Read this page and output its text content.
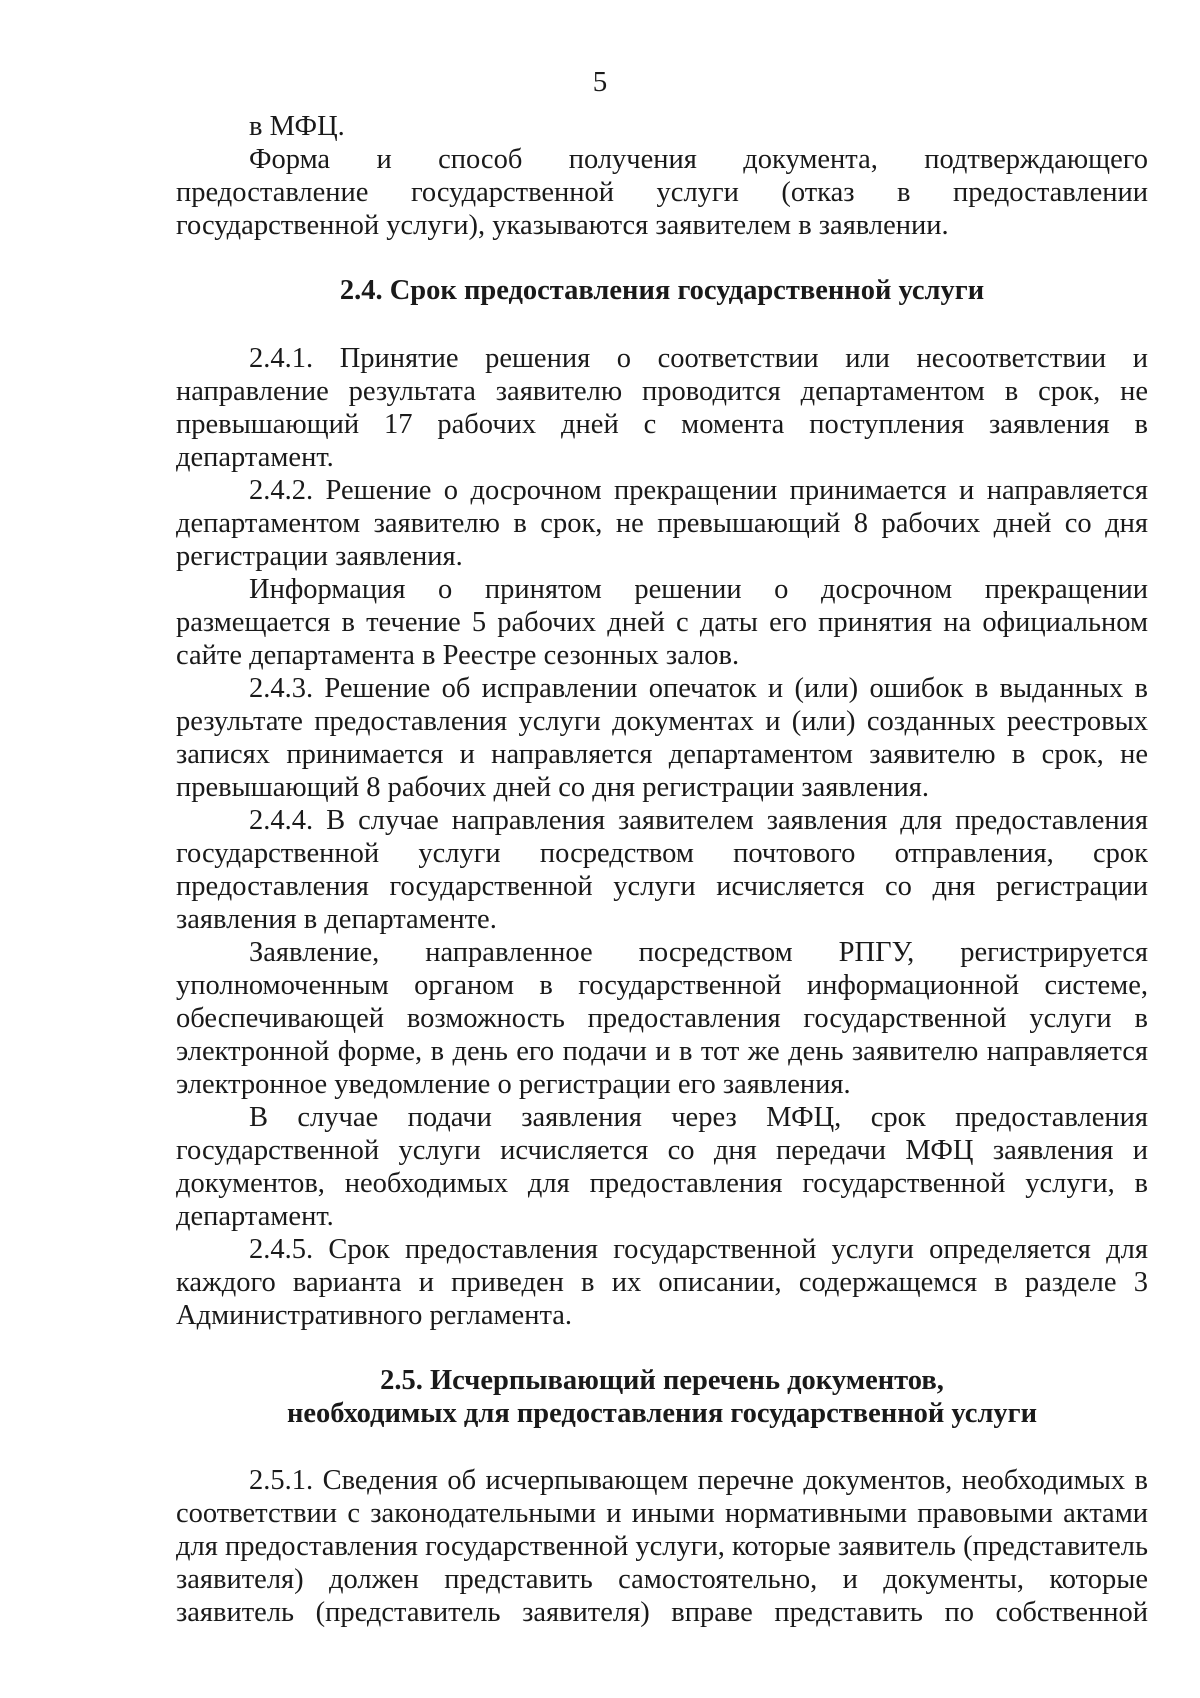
5

в МФЦ.

Форма и способ получения документа, подтверждающего предоставление государственной услуги (отказ в предоставлении государственной услуги), указываются заявителем в заявлении.

2.4. Срок предоставления государственной услуги

2.4.1. Принятие решения о соответствии или несоответствии и направление результата заявителю проводится департаментом в срок, не превышающий 17 рабочих дней с момента поступления заявления в департамент.

2.4.2. Решение о досрочном прекращении принимается и направляется департаментом заявителю в срок, не превышающий 8 рабочих дней со дня регистрации заявления.

Информация о принятом решении о досрочном прекращении размещается в течение 5 рабочих дней с даты его принятия на официальном сайте департамента в Реестре сезонных залов.

2.4.3. Решение об исправлении опечаток и (или) ошибок в выданных в результате предоставления услуги документах и (или) созданных реестровых записях принимается и направляется департаментом заявителю в срок, не превышающий 8 рабочих дней со дня регистрации заявления.

2.4.4. В случае направления заявителем заявления для предоставления государственной услуги посредством почтового отправления, срок предоставления государственной услуги исчисляется со дня регистрации заявления в департаменте.

Заявление, направленное посредством РПГУ, регистрируется уполномоченным органом в государственной информационной системе, обеспечивающей возможность предоставления государственной услуги в электронной форме, в день его подачи и в тот же день заявителю направляется электронное уведомление о регистрации его заявления.

В случае подачи заявления через МФЦ, срок предоставления государственной услуги исчисляется со дня передачи МФЦ заявления и документов, необходимых для предоставления государственной услуги, в департамент.

2.4.5. Срок предоставления государственной услуги определяется для каждого варианта и приведен в их описании, содержащемся в разделе 3 Административного регламента.

2.5. Исчерпывающий перечень документов,
необходимых для предоставления государственной услуги

2.5.1. Сведения об исчерпывающем перечне документов, необходимых в соответствии с законодательными и иными нормативными правовыми актами для предоставления государственной услуги, которые заявитель (представитель заявителя) должен представить самостоятельно, и документы, которые заявитель (представитель заявителя) вправе представить по собственной
